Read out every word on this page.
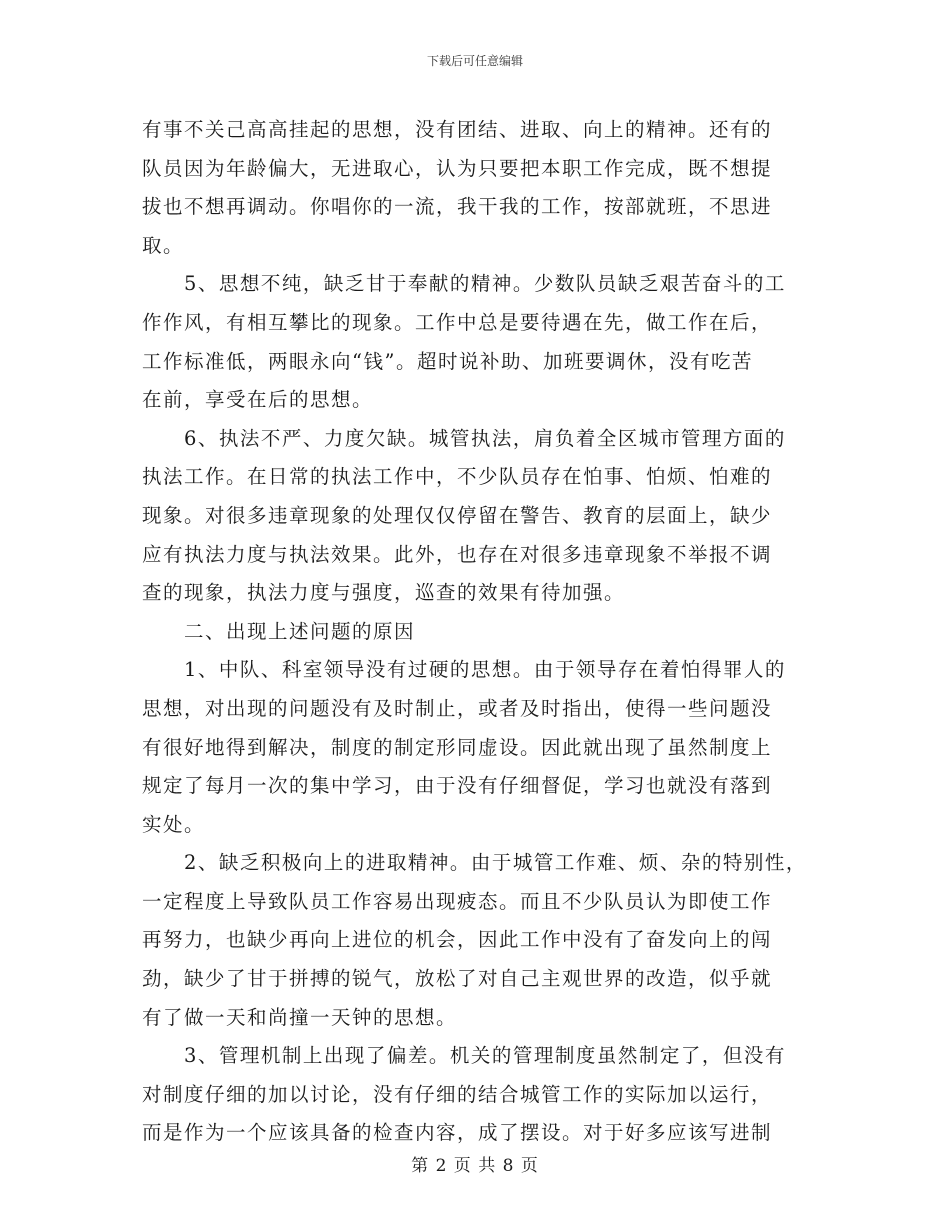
下载后可任意编辑
有事不关己高高挂起的思想，没有团结、进取、向上的精神。还有的
队员因为年龄偏大，无进取心，认为只要把本职工作完成，既不想提
拔也不想再调动。你唱你的一流，我干我的工作，按部就班，不思进
取。
　　5、思想不纯，缺乏甘于奉献的精神。少数队员缺乏艰苦奋斗的工
作作风，有相互攀比的现象。工作中总是要待遇在先，做工作在后，
工作标准低，两眼永向“钱”。超时说补助、加班要调休，没有吃苦
在前，享受在后的思想。
　　6、执法不严、力度欠缺。城管执法，肩负着全区城市管理方面的
执法工作。在日常的执法工作中，不少队员存在怕事、怕烦、怕难的
现象。对很多违章现象的处理仅仅停留在警告、教育的层面上，缺少
应有执法力度与执法效果。此外，也存在对很多违章现象不举报不调
查的现象，执法力度与强度，巡查的效果有待加强。
　　二、出现上述问题的原因
　　1、中队、科室领导没有过硬的思想。由于领导存在着怕得罪人的
思想，对出现的问题没有及时制止，或者及时指出，使得一些问题没
有很好地得到解决，制度的制定形同虚设。因此就出现了虽然制度上
规定了每月一次的集中学习，由于没有仔细督促，学习也就没有落到
实处。
　　2、缺乏积极向上的进取精神。由于城管工作难、烦、杂的特别性，
一定程度上导致队员工作容易出现疲态。而且不少队员认为即使工作
再努力，也缺少再向上进位的机会，因此工作中没有了奋发向上的闯
劲，缺少了甘于拼搏的锐气，放松了对自己主观世界的改造，似乎就
有了做一天和尚撞一天钟的思想。
　　3、管理机制上出现了偏差。机关的管理制度虽然制定了，但没有
对制度仔细的加以讨论，没有仔细的结合城管工作的实际加以运行，
而是作为一个应该具备的检查内容，成了摆设。对于好多应该写进制
第 2 页 共 8 页
